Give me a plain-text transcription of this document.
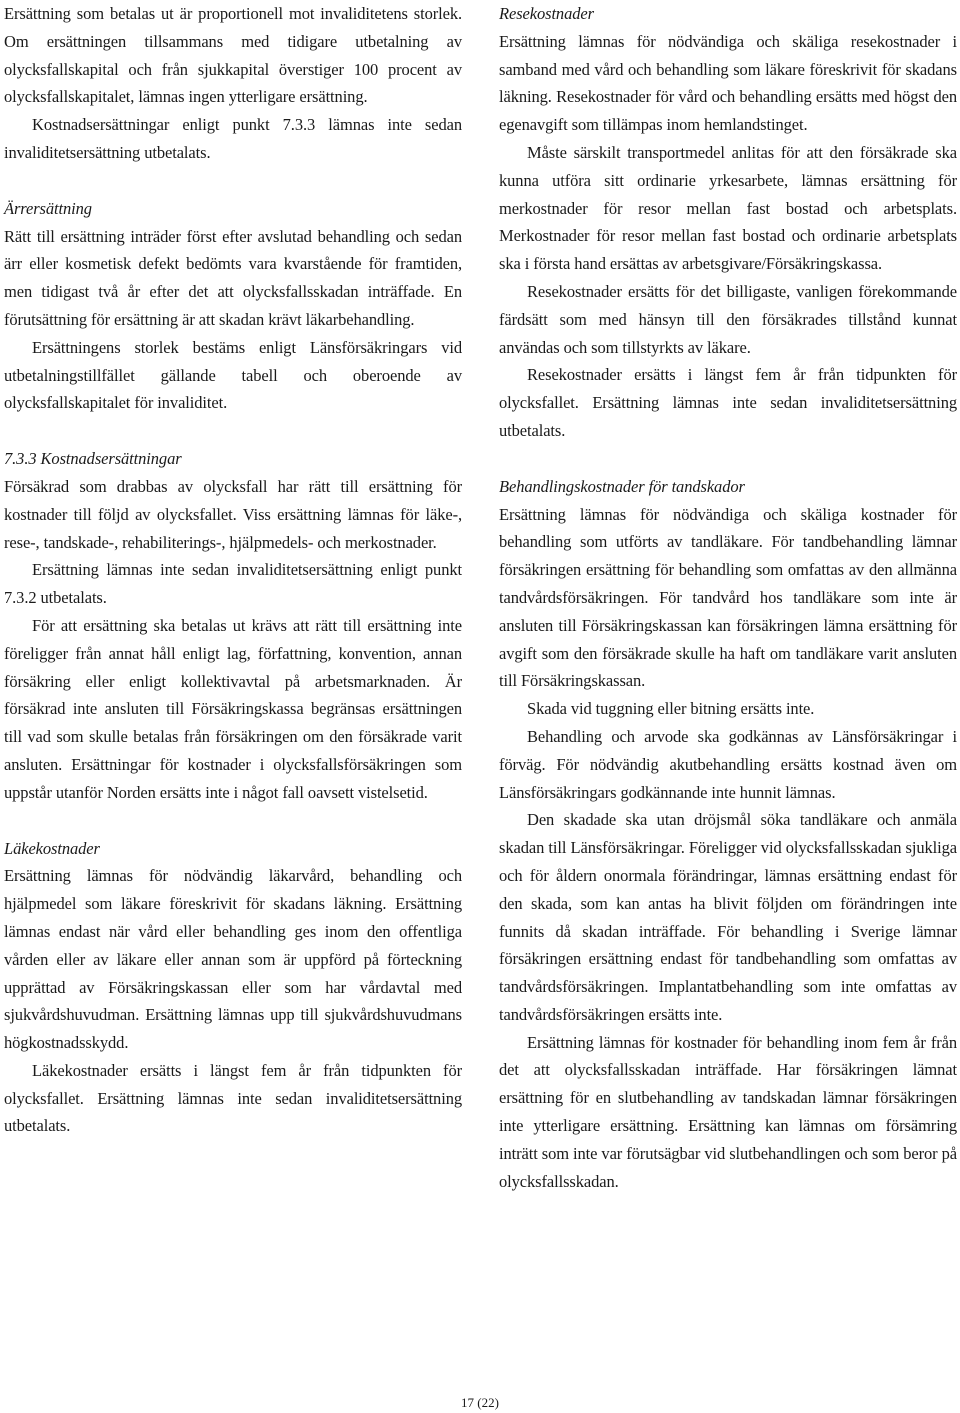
Ersättning som betalas ut är proportionell mot invaliditetens storlek. Om ersättningen tillsammans med tidigare utbetalning av olycksfallskapital och från sjukkapital överstiger 100 procent av olycksfallskapitalet, lämnas ingen ytterligare ersättning.

Kostnadsersättningar enligt punkt 7.3.3 lämnas inte sedan invaliditetsersättning utbetalats.

Ärrersättning

Rätt till ersättning inträder först efter avslutad behandling och sedan ärr eller kosmetisk defekt bedömts vara kvarstående för framtiden, men tidigast två år efter det att olycksfallsskadan inträffade. En förutsättning för ersättning är att skadan krävt läkarbehandling.

Ersättningens storlek bestäms enligt Länsförsäkringars vid utbetalningstillfället gällande tabell och oberoende av olycksfallskapitalet för invaliditet.

7.3.3 Kostnadsersättningar

Försäkrad som drabbas av olycksfall har rätt till ersättning för kostnader till följd av olycksfallet. Viss ersättning lämnas för läke-, rese-, tandskade-, rehabiliterings-, hjälpmedels- och merkostnader.

Ersättning lämnas inte sedan invaliditetsersättning enligt punkt 7.3.2 utbetalats.

För att ersättning ska betalas ut krävs att rätt till ersättning inte föreligger från annat håll enligt lag, författning, konvention, annan försäkring eller enligt kollektivavtal på arbetsmarknaden. Är försäkrad inte ansluten till Försäkringskassa begränsas ersättningen till vad som skulle betalas från försäkringen om den försäkrade varit ansluten. Ersättningar för kostnader i olycksfallsförsäkringen som uppstår utanför Norden ersätts inte i något fall oavsett vistelsetid.

Läkekostnader

Ersättning lämnas för nödvändig läkarvård, behandling och hjälpmedel som läkare föreskrivit för skadans läkning. Ersättning lämnas endast när vård eller behandling ges inom den offentliga vården eller av läkare eller annan som är uppförd på förteckning upprättad av Försäkringskassan eller som har vårdavtal med sjukvårdshuvudman. Ersättning lämnas upp till sjukvårdshuvudmans högkostnadsskydd.

Läkekostnader ersätts i längst fem år från tidpunkten för olycksfallet. Ersättning lämnas inte sedan invaliditetsersättning utbetalats.

Resekostnader

Ersättning lämnas för nödvändiga och skäliga resekostnader i samband med vård och behandling som läkare föreskrivit för skadans läkning. Resekostnader för vård och behandling ersätts med högst den egenavgift som tillämpas inom hemlandstinget.

Måste särskilt transportmedel anlitas för att den försäkrade ska kunna utföra sitt ordinarie yrkesarbete, lämnas ersättning för merkostnader för resor mellan fast bostad och arbetsplats. Merkostnader för resor mellan fast bostad och ordinarie arbetsplats ska i första hand ersättas av arbetsgivare/Försäkringskassa.

Resekostnader ersätts för det billigaste, vanligen förekommande färdsätt som med hänsyn till den försäkrades tillstånd kunnat användas och som tillstyrkts av läkare.

Resekostnader ersätts i längst fem år från tidpunkten för olycksfallet. Ersättning lämnas inte sedan invaliditetsersättning utbetalats.

Behandlingskostnader för tandskador

Ersättning lämnas för nödvändiga och skäliga kostnader för behandling som utförts av tandläkare. För tandbehandling lämnar försäkringen ersättning för behandling som omfattas av den allmänna tandvårdsförsäkringen. För tandvård hos tandläkare som inte är ansluten till Försäkringskassan kan försäkringen lämna ersättning för avgift som den försäkrade skulle ha haft om tandläkare varit ansluten till Försäkringskassan.

Skada vid tuggning eller bitning ersätts inte.

Behandling och arvode ska godkännas av Länsförsäkringar i förväg. För nödvändig akutbehandling ersätts kostnad även om Länsförsäkringars godkännande inte hunnit lämnas.

Den skadade ska utan dröjsmål söka tandläkare och anmäla skadan till Länsförsäkringar. Föreligger vid olycksfallsskadan sjukliga och för åldern onormala förändringar, lämnas ersättning endast för den skada, som kan antas ha blivit följden om förändringen inte funnits då skadan inträffade. För behandling i Sverige lämnar försäkringen ersättning endast för tandbehandling som omfattas av tandvårdsförsäkringen. Implantatbehandling som inte omfattas av tandvårdsförsäkringen ersätts inte.

Ersättning lämnas för kostnader för behandling inom fem år från det att olycksfallsskadan inträffade. Har försäkringen lämnat ersättning för en slutbehandling av tandskadan lämnar försäkringen inte ytterligare ersättning. Ersättning kan lämnas om försämring inträtt som inte var förutsägbar vid slutbehandlingen och som beror på olycksfallsskadan.

17 (22)
